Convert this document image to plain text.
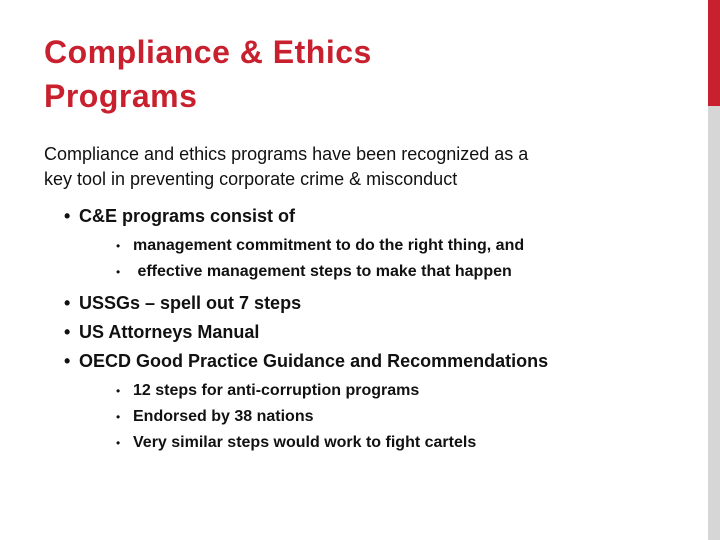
Compliance & Ethics
Programs
Compliance and ethics programs have been recognized as a
key tool in preventing corporate crime & misconduct
• C&E programs consist of
• management commitment to do the right thing, and
• effective management steps to make that happen
• USSGs – spell out 7 steps
• US Attorneys Manual
• OECD Good Practice Guidance and Recommendations
• 12 steps for anti-corruption programs
• Endorsed by 38 nations
• Very similar steps would work to fight cartels
